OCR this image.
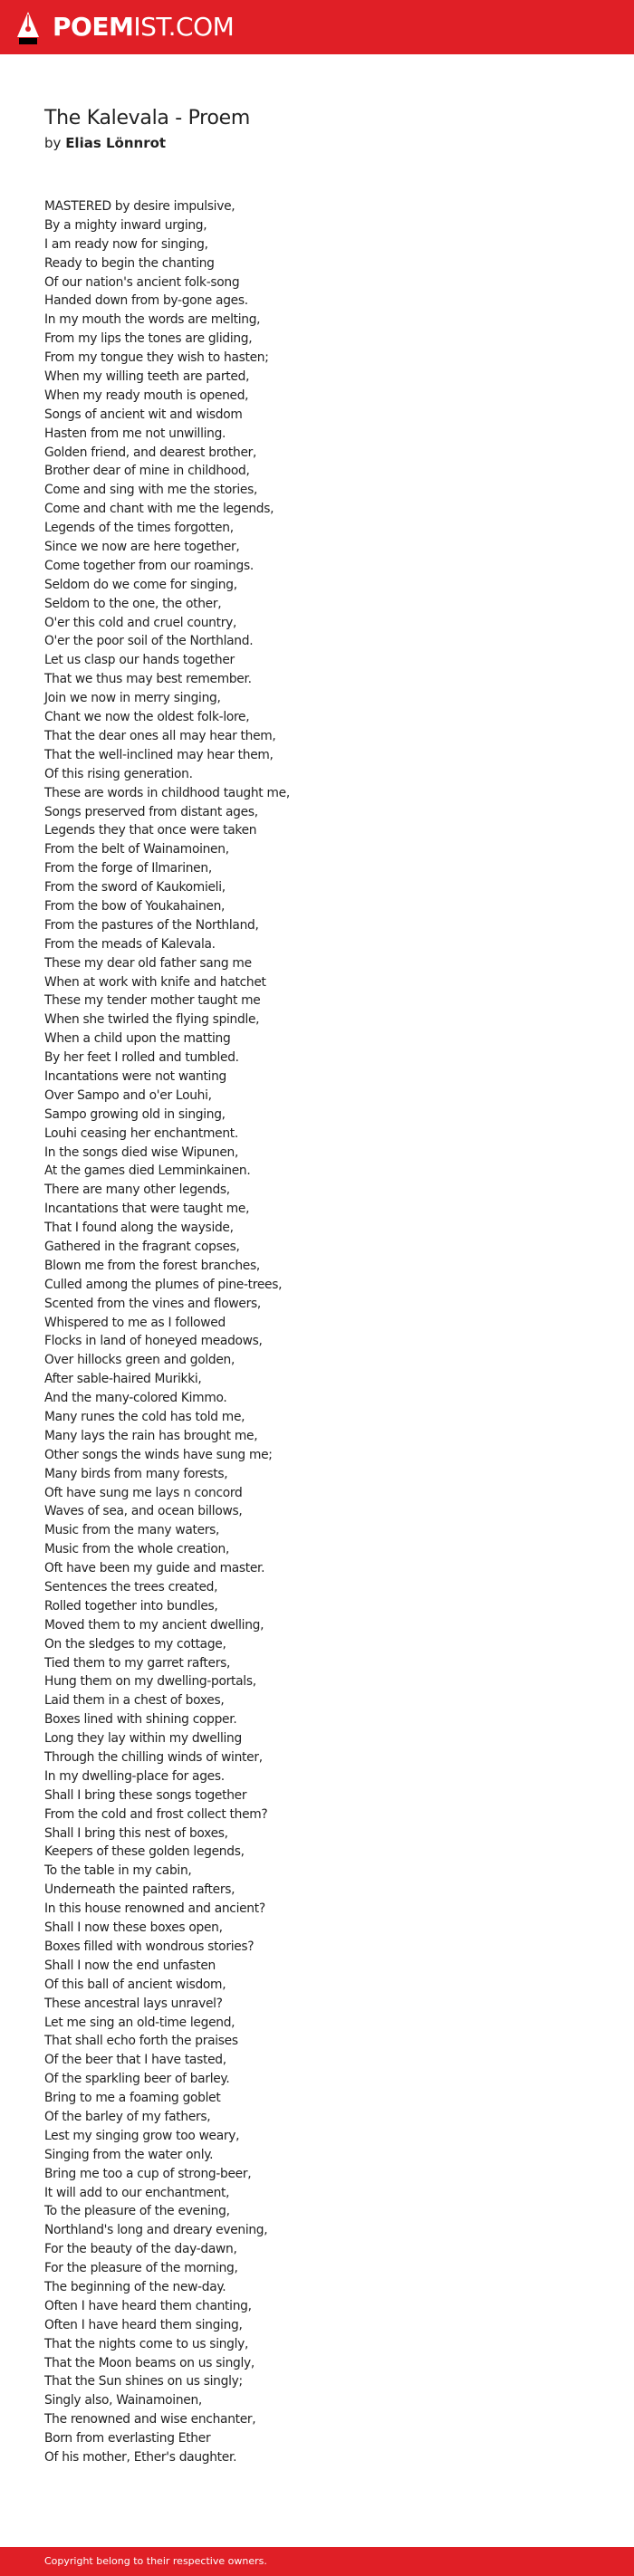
POEMIST.COM
The Kalevala - Proem
by Elias Lönnrot
MASTERED by desire impulsive,
By a mighty inward urging,
I am ready now for singing,
Ready to begin the chanting
Of our nation's ancient folk-song
Handed down from by-gone ages.
In my mouth the words are melting,
From my lips the tones are gliding,
From my tongue they wish to hasten;
When my willing teeth are parted,
When my ready mouth is opened,
Songs of ancient wit and wisdom
Hasten from me not unwilling.
Golden friend, and dearest brother,
Brother dear of mine in childhood,
Come and sing with me the stories,
Come and chant with me the legends,
Legends of the times forgotten,
Since we now are here together,
Come together from our roamings.
Seldom do we come for singing,
Seldom to the one, the other,
O'er this cold and cruel country,
O'er the poor soil of the Northland.
Let us clasp our hands together
That we thus may best remember.
Join we now in merry singing,
Chant we now the oldest folk-lore,
That the dear ones all may hear them,
That the well-inclined may hear them,
Of this rising generation.
These are words in childhood taught me,
Songs preserved from distant ages,
Legends they that once were taken
From the belt of Wainamoinen,
From the forge of Ilmarinen,
From the sword of Kaukomieli,
From the bow of Youkahainen,
From the pastures of the Northland,
From the meads of Kalevala.
These my dear old father sang me
When at work with knife and hatchet
These my tender mother taught me
When she twirled the flying spindle,
When a child upon the matting
By her feet I rolled and tumbled.
Incantations were not wanting
Over Sampo and o'er Louhi,
Sampo growing old in singing,
Louhi ceasing her enchantment.
In the songs died wise Wipunen,
At the games died Lemminkainen.
There are many other legends,
Incantations that were taught me,
That I found along the wayside,
Gathered in the fragrant copses,
Blown me from the forest branches,
Culled among the plumes of pine-trees,
Scented from the vines and flowers,
Whispered to me as I followed
Flocks in land of honeyed meadows,
Over hillocks green and golden,
After sable-haired Murikki,
And the many-colored Kimmo.
Many runes the cold has told me,
Many lays the rain has brought me,
Other songs the winds have sung me;
Many birds from many forests,
Oft have sung me lays n concord
Waves of sea, and ocean billows,
Music from the many waters,
Music from the whole creation,
Oft have been my guide and master.
Sentences the trees created,
Rolled together into bundles,
Moved them to my ancient dwelling,
On the sledges to my cottage,
Tied them to my garret rafters,
Hung them on my dwelling-portals,
Laid them in a chest of boxes,
Boxes lined with shining copper.
Long they lay within my dwelling
Through the chilling winds of winter,
In my dwelling-place for ages.
Shall I bring these songs together
From the cold and frost collect them?
Shall I bring this nest of boxes,
Keepers of these golden legends,
To the table in my cabin,
Underneath the painted rafters,
In this house renowned and ancient?
Shall I now these boxes open,
Boxes filled with wondrous stories?
Shall I now the end unfasten
Of this ball of ancient wisdom,
These ancestral lays unravel?
Let me sing an old-time legend,
That shall echo forth the praises
Of the beer that I have tasted,
Of the sparkling beer of barley.
Bring to me a foaming goblet
Of the barley of my fathers,
Lest my singing grow too weary,
Singing from the water only.
Bring me too a cup of strong-beer,
It will add to our enchantment,
To the pleasure of the evening,
Northland's long and dreary evening,
For the beauty of the day-dawn,
For the pleasure of the morning,
The beginning of the new-day.
Often I have heard them chanting,
Often I have heard them singing,
That the nights come to us singly,
That the Moon beams on us singly,
That the Sun shines on us singly;
Singly also, Wainamoinen,
The renowned and wise enchanter,
Born from everlasting Ether
Of his mother, Ether's daughter.
Copyright belong to their respective owners.
